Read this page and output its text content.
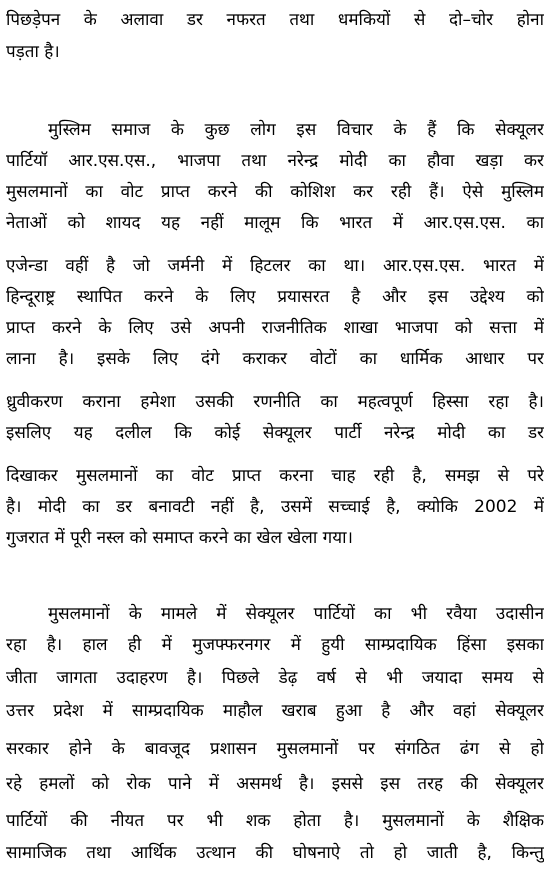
पिछड़ेपन के अलावा डर नफरत तथा धमकियों से दो–चोर होना
पड़ता है।
मुस्लिम समाज के कुछ लोग इस विचार के हैं कि सेक्यूलर
पार्टियॉ आर.एस.एस., भाजपा तथा नरेन्द्र मोदी का हौवा खड़ा कर
मुसलमानों का वोट प्राप्त करने की कोशिश कर रही हैं। ऐसे मुस्लिम
नेताओं को शायद यह नहीं मालूम कि भारत में आर.एस.एस. का
एजेन्डा वहीं है जो जर्मनी में हिटलर का था। आर.एस.एस. भारत में
हिन्दूराष्ट्र स्थापित करने के लिए प्रयासरत है और इस उद्देश्य को
प्राप्त करने के लिए उसे अपनी राजनीतिक शाखा भाजपा को सत्ता में
लाना है। इसके लिए दंगे कराकर वोटों का धार्मिक आधार पर
ध्रुवीकरण कराना हमेशा उसकी रणनीति का महत्वपूर्ण हिस्सा रहा है।
इसलिए यह दलील कि कोई सेक्यूलर पार्टी नरेन्द्र मोदी का डर
दिखाकर मुसलमानों का वोट प्राप्त करना चाह रही है, समझ से परे
है। मोदी का डर बनावटी नहीं है, उसमें सच्चाई है, क्योकि 2002 में
गुजरात में पूरी नस्ल को समाप्त करने का खेल खेला गया।
मुसलमानों के मामले में सेक्यूलर पार्टियों का भी रवैया उदासीन
रहा है। हाल ही में मुजफ्फरनगर में हुयी साम्प्रदायिक हिंसा इसका
जीता जागता उदाहरण है। पिछले डेढ़ वर्ष से भी जयादा समय से
उत्तर प्रदेश में साम्प्रदायिक माहौल खराब हुआ है और वहां सेक्यूलर
सरकार होने के बावजूद प्रशासन मुसलमानों पर संगठित ढंग से हो
रहे हमलों को रोक पाने में असमर्थ है। इससे इस तरह की सेक्यूलर
पार्टियों की नीयत पर भी शक होता है। मुसलमानों के शैक्षिक
सामाजिक तथा आर्थिक उत्थान की घोषनाऐ तो हो जाती है, किन्तु
